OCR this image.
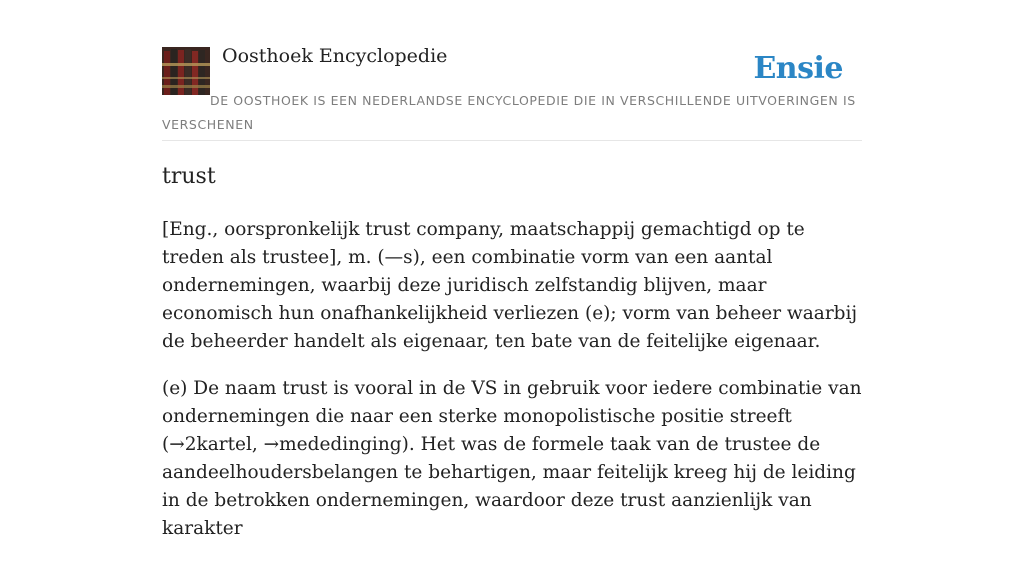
Oosthoek Encyclopedie	Ensie
DE OOSTHOEK IS EEN NEDERLANDSE ENCYCLOPEDIE DIE IN VERSCHILLENDE UITVOERINGEN IS VERSCHENEN
trust

[Eng., oorspronkelijk trust company, maatschappij gemachtigd op te treden als trustee], m. (—s), een combinatie vorm van een aantal ondernemingen, waarbij deze juridisch zelfstandig blijven, maar economisch hun onafhankelijkheid verliezen (e); vorm van beheer waarbij de beheerder handelt als eigenaar, ten bate van de feitelijke eigenaar.

(e) De naam trust is vooral in de VS in gebruik voor iedere combinatie van ondernemingen die naar een sterke monopolistische positie streeft (→2kartel, →mededinging). Het was de formele taak van de trustee de aandeelhoudersbelangen te behartigen, maar feitelijk kreeg hij de leiding in de betrokken ondernemingen, waardoor deze trust aanzienlijk van karakter
